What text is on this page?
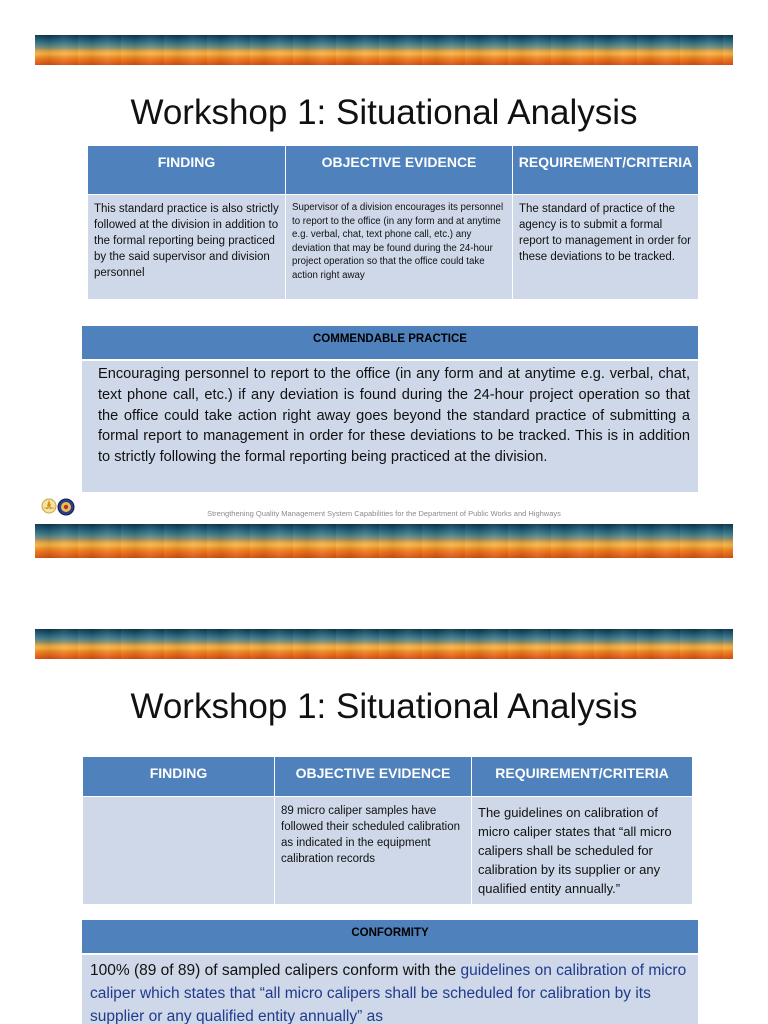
Workshop 1: Situational Analysis
FINDING	OBJECTIVE EVIDENCE	REQUIREMENT/CRITERIA
This standard practice is also strictly followed at the division in addition to the formal reporting being practiced by the said supervisor and division personnel	Supervisor of a division encourages its personnel to report to the office (in any form and at anytime e.g. verbal, chat, text phone call, etc.) any deviation that may be found during the 24-hour project operation so that the office could take action right away	The standard of practice of the agency is to submit a formal report to management in order for these deviations to be tracked.
COMMENDABLE PRACTICE
Encouraging personnel to report to the office (in any form and at anytime e.g. verbal, chat, text phone call, etc.) if any deviation is found during the 24-hour project operation so that the office could take action right away goes beyond the standard practice of submitting a formal report to management in order for these deviations to be tracked. This is in addition to strictly following the formal reporting being practiced at the division.
Strengthening Quality Management System Capabilities for the Department of Public Works and Highways
Workshop 1: Situational Analysis
FINDING	OBJECTIVE EVIDENCE	REQUIREMENT/CRITERIA
	89 micro caliper samples have followed their scheduled calibration as indicated in the equipment calibration records	The guidelines on calibration of micro caliper states that “all micro calipers shall be scheduled for calibration by its supplier or any qualified entity annually.”
CONFORMITY
100% (89 of 89) of sampled calipers conform with the guidelines on calibration of micro caliper which states that “all micro calipers shall be scheduled for calibration by its supplier or any qualified entity annually” as
